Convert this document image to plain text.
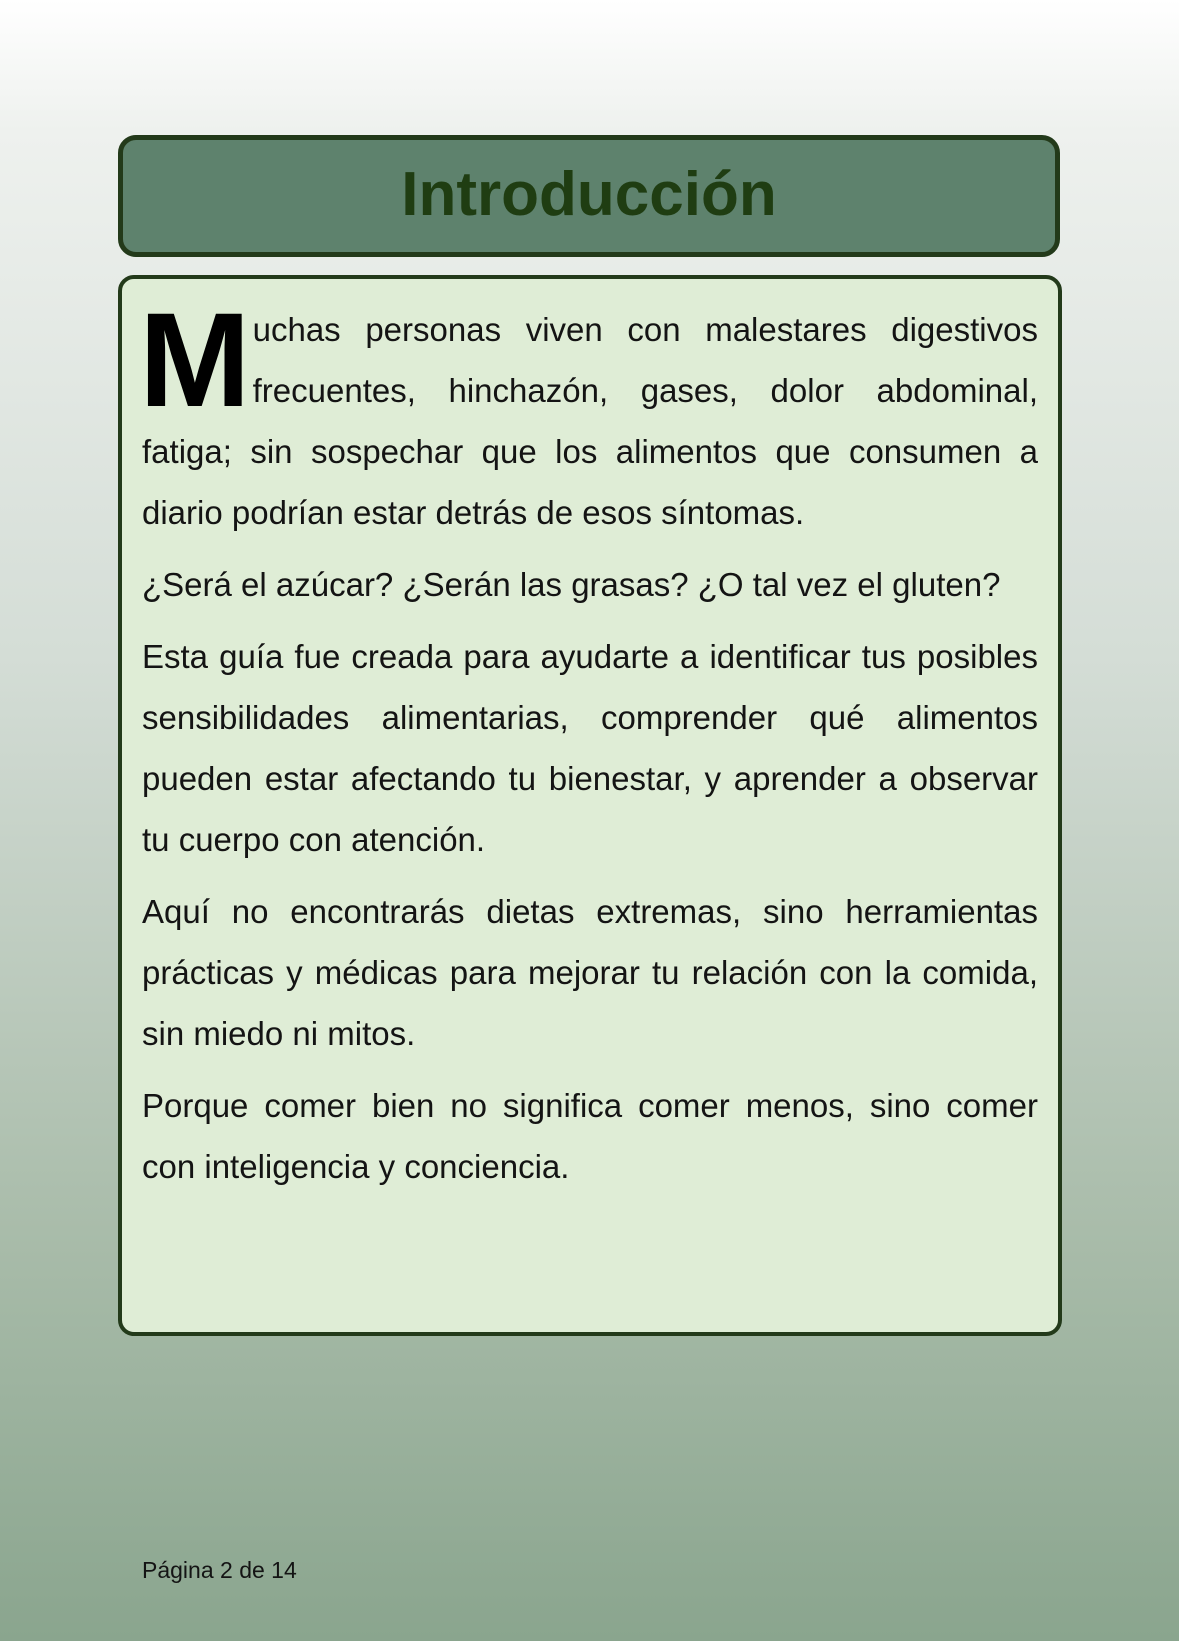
Introducción

Muchas personas viven con malestares digestivos frecuentes, hinchazón, gases, dolor abdominal, fatiga; sin sospechar que los alimentos que consumen a diario podrían estar detrás de esos síntomas.

¿Será el azúcar? ¿Serán las grasas? ¿O tal vez el gluten?

Esta guía fue creada para ayudarte a identificar tus posibles sensibilidades alimentarias, comprender qué alimentos pueden estar afectando tu bienestar, y aprender a observar tu cuerpo con atención.

Aquí no encontrarás dietas extremas, sino herramientas prácticas y médicas para mejorar tu relación con la comida, sin miedo ni mitos.

Porque comer bien no significa comer menos, sino comer con inteligencia y conciencia.

Página 2 de 14
